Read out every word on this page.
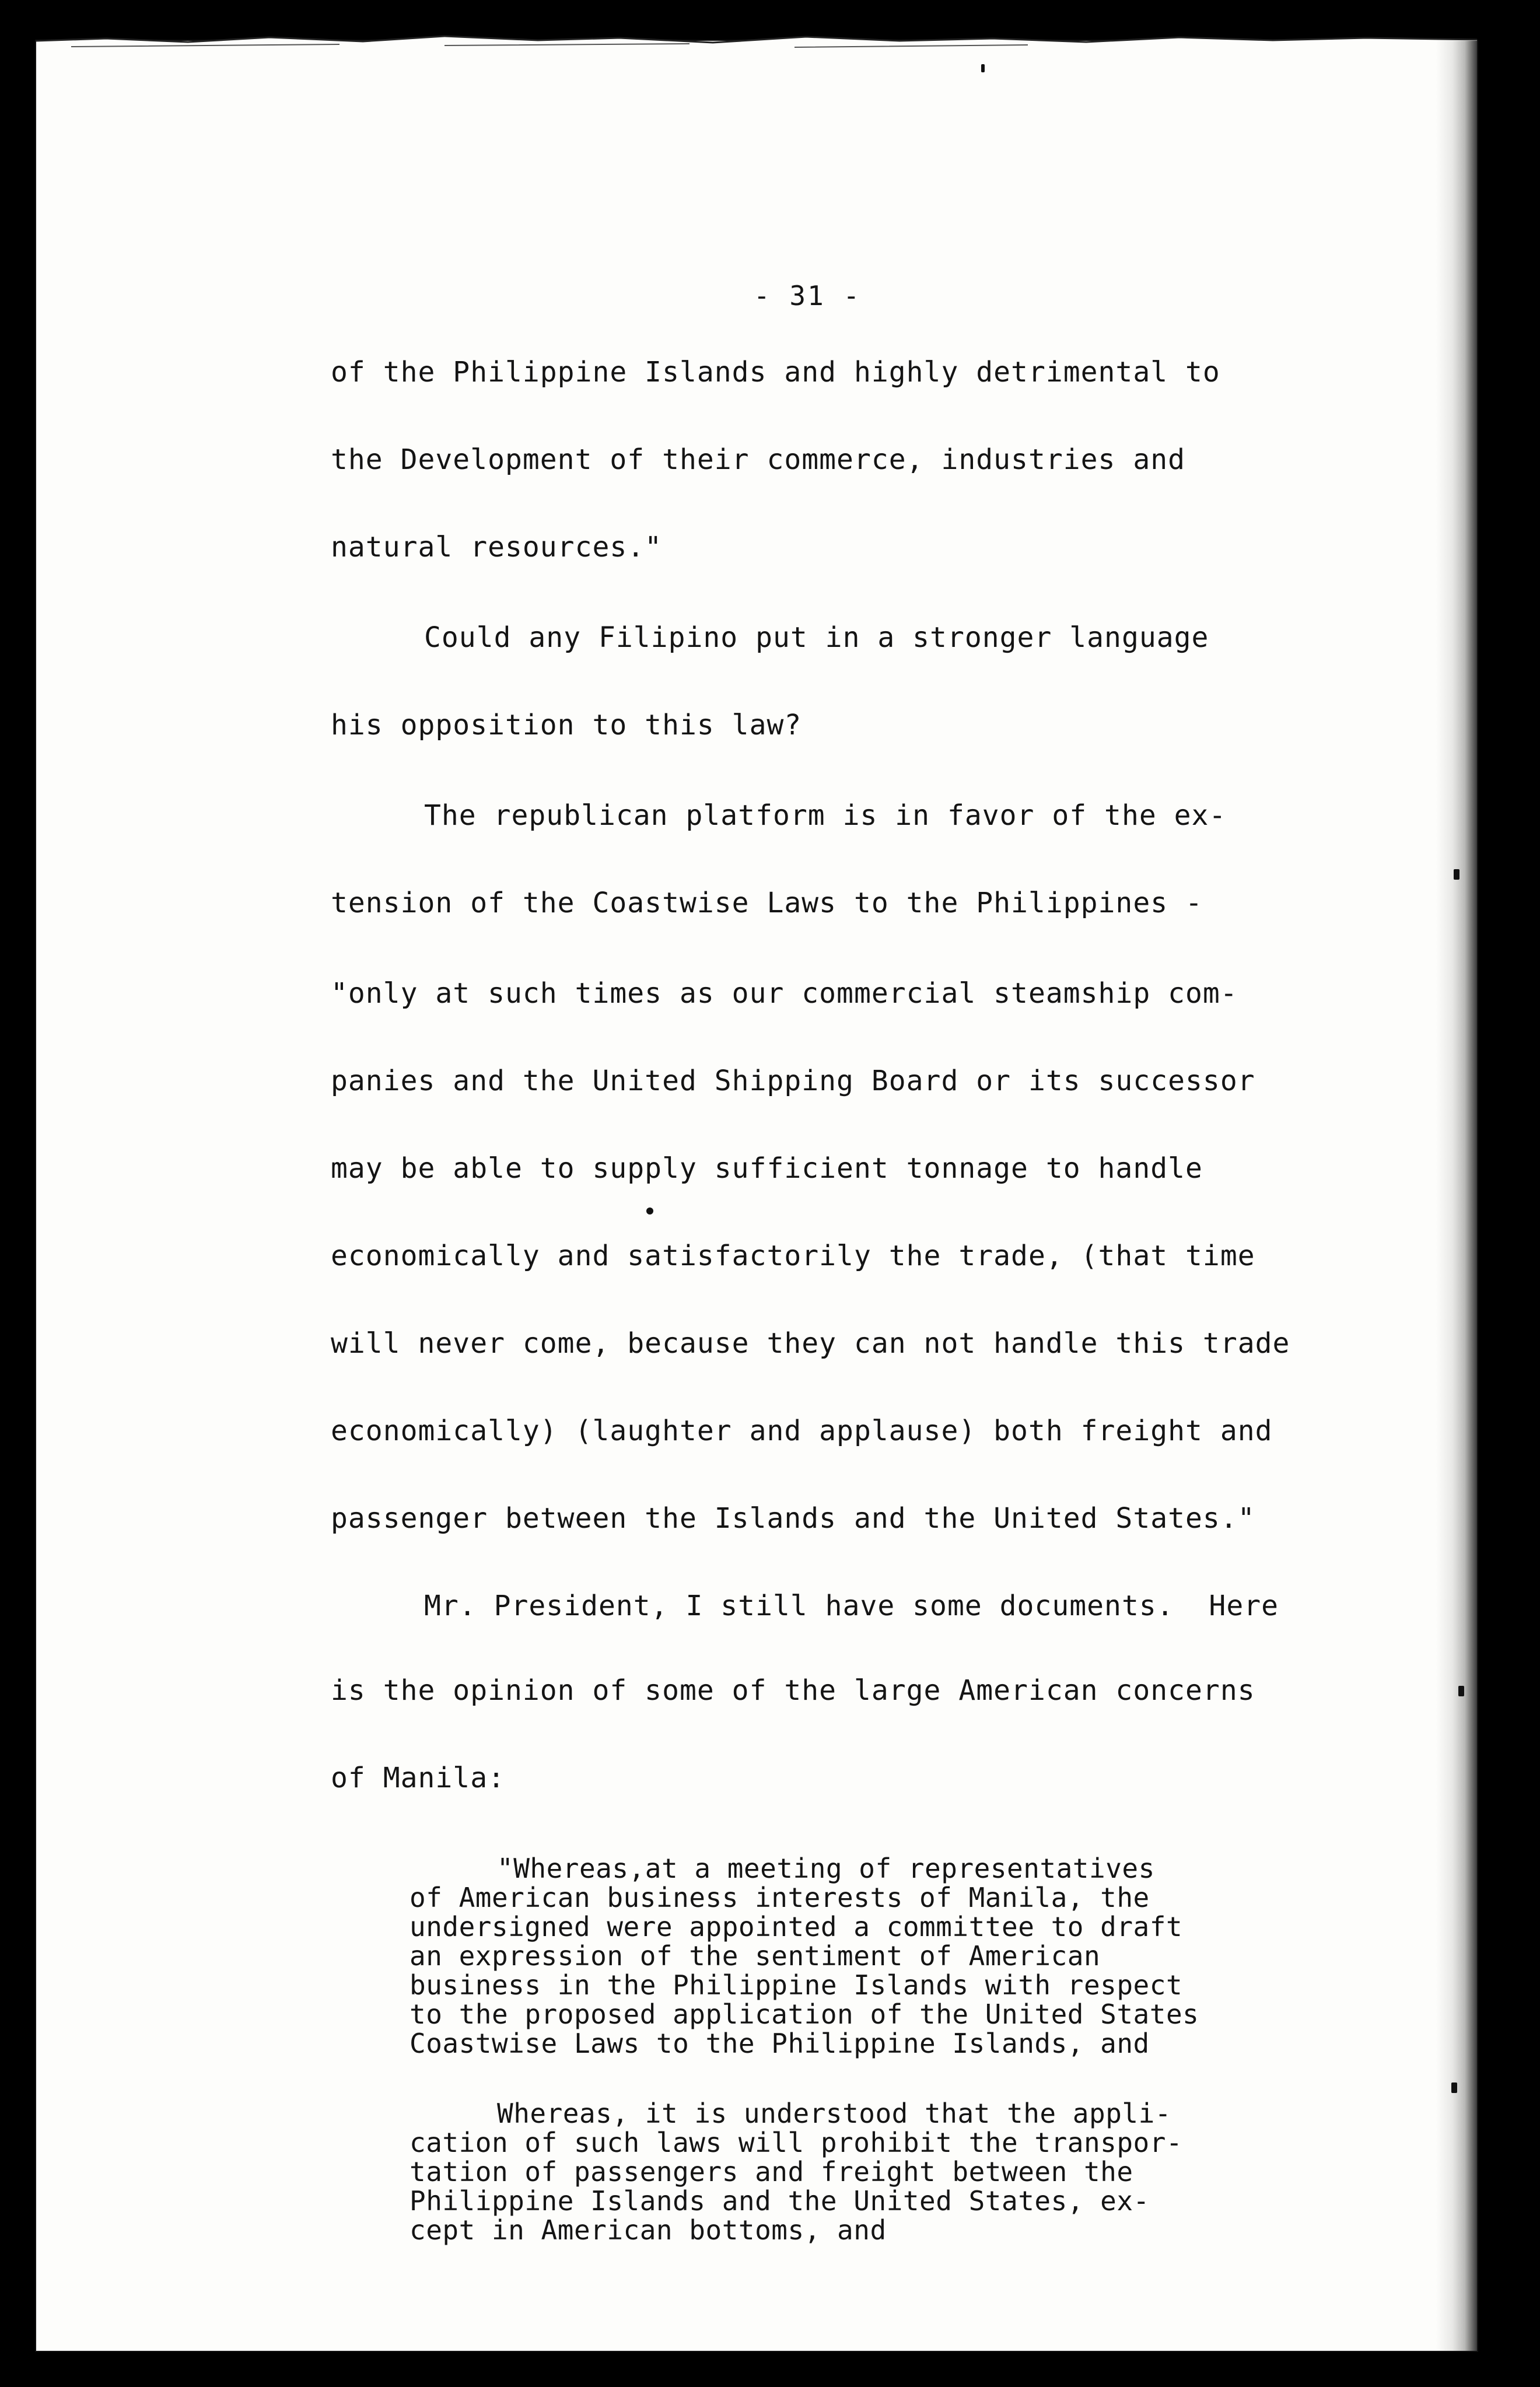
- 31 -
of the Philippine Islands and highly detrimental to
the Development of their commerce, industries and
natural resources."
Could any Filipino put in a stronger language
his opposition to this law?
The republican platform is in favor of the ex-
tension of the Coastwise Laws to the Philippines -
"only at such times as our commercial steamship com-
panies and the United Shipping Board or its successor
may be able to supply sufficient tonnage to handle
economically and satisfactorily the trade, (that time
will never come, because they can not handle this trade
economically) (laughter and applause) both freight and
passenger between the Islands and the United States."
Mr. President, I still have some documents.  Here
is the opinion of some of the large American concerns
of Manila:
"Whereas,at a meeting of representatives
of American business interests of Manila, the
undersigned were appointed a committee to draft
an expression of the sentiment of American
business in the Philippine Islands with respect
to the proposed application of the United States
Coastwise Laws to the Philippine Islands, and
Whereas, it is understood that the appli-
cation of such laws will prohibit the transpor-
tation of passengers and freight between the
Philippine Islands and the United States, ex-
cept in American bottoms, and
